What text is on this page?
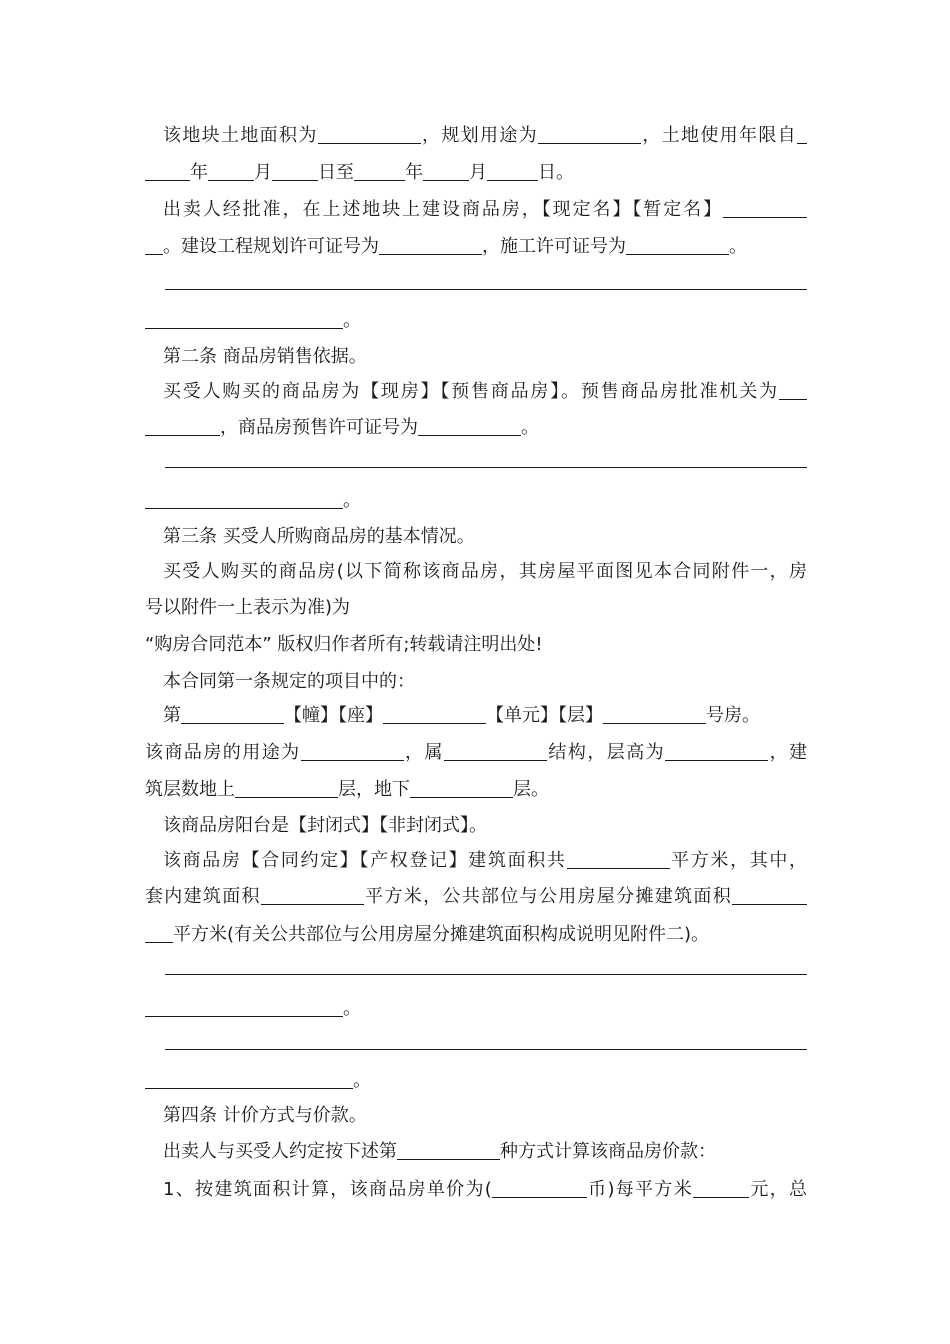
该地块土地面积为	，规划用途为	，土地使用年限自
年	月	日至	年	月	日。
出卖人经批准，在上述地块上建设商品房，【现定名】【暂定名】
。建设工程规划许可证号为	，施工许可证号为	。
。
第二条 商品房销售依据。
买受人购买的商品房为【现房】【预售商品房】。预售商品房批准机关为
，商品房预售许可证号为	。
。
第三条 买受人所购商品房的基本情况。
买受人购买的商品房(以下简称该商品房，其房屋平面图见本合同附件一，房
号以附件一上表示为准)为
“购房合同范本” 版权归作者所有;转载请注明出处!
本合同第一条规定的项目中的：
第	【幢】【座】	【单元】【层】	号房。
该商品房的用途为	，属	结构，层高为	，建
筑层数地上	层，地下	层。
该商品房阳台是【封闭式】【非封闭式】。
该商品房【合同约定】【产权登记】建筑面积共	平方米，其中，
套内建筑面积	平方米，公共部位与公用房屋分摊建筑面积
平方米(有关公共部位与公用房屋分摊建筑面积构成说明见附件二)。
。
。
第四条 计价方式与价款。
出卖人与买受人约定按下述第	种方式计算该商品房价款：
1、按建筑面积计算，该商品房单价为(	币)每平方米	元，总
